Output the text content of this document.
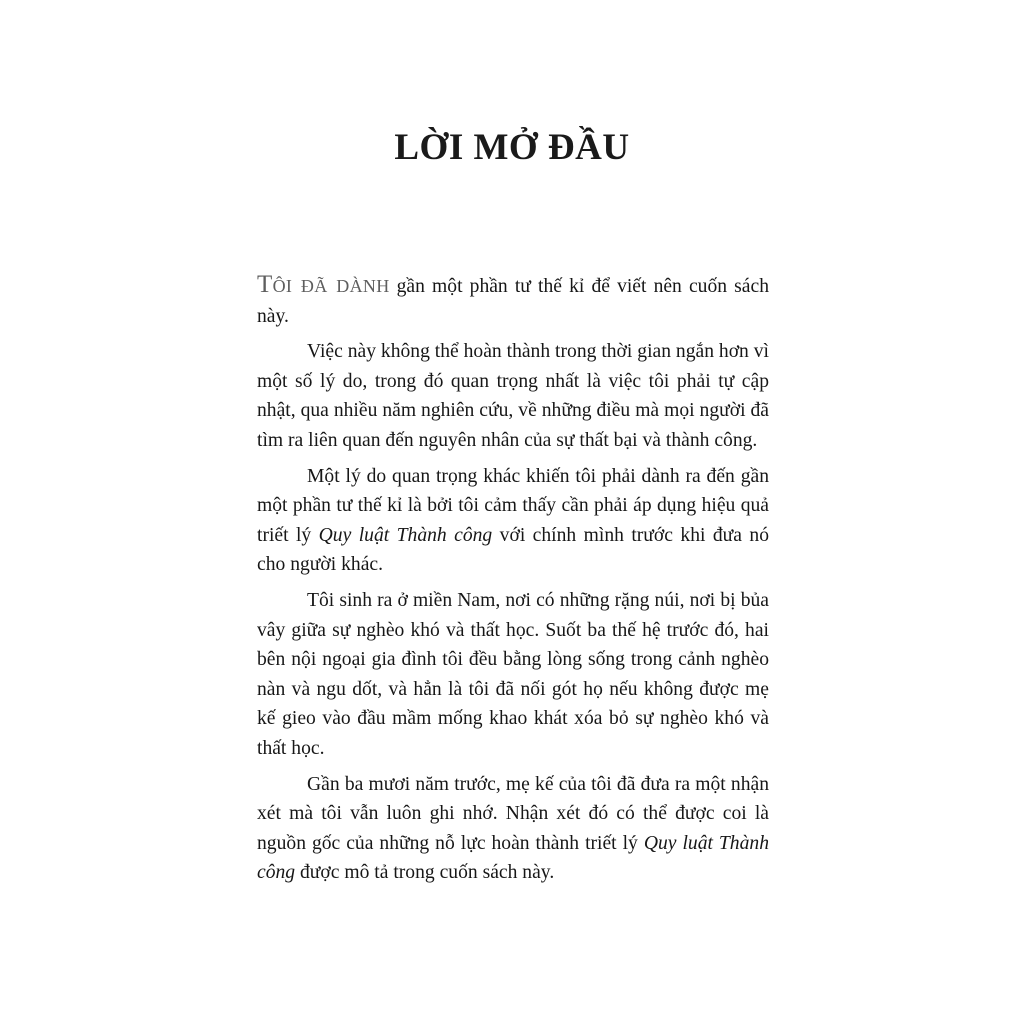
LỜI MỞ ĐẦU

Tôi đã dành gần một phần tư thế kỉ để viết nên cuốn sách này.

Việc này không thể hoàn thành trong thời gian ngắn hơn vì một số lý do, trong đó quan trọng nhất là việc tôi phải tự cập nhật, qua nhiều năm nghiên cứu, về những điều mà mọi người đã tìm ra liên quan đến nguyên nhân của sự thất bại và thành công.

Một lý do quan trọng khác khiến tôi phải dành ra đến gần một phần tư thế kỉ là bởi tôi cảm thấy cần phải áp dụng hiệu quả triết lý Quy luật Thành công với chính mình trước khi đưa nó cho người khác.

Tôi sinh ra ở miền Nam, nơi có những rặng núi, nơi bị bủa vây giữa sự nghèo khó và thất học. Suốt ba thế hệ trước đó, hai bên nội ngoại gia đình tôi đều bằng lòng sống trong cảnh nghèo nàn và ngu dốt, và hẳn là tôi đã nối gót họ nếu không được mẹ kế gieo vào đầu mầm mống khao khát xóa bỏ sự nghèo khó và thất học.

Gần ba mươi năm trước, mẹ kế của tôi đã đưa ra một nhận xét mà tôi vẫn luôn ghi nhớ. Nhận xét đó có thể được coi là nguồn gốc của những nỗ lực hoàn thành triết lý Quy luật Thành công được mô tả trong cuốn sách này.
